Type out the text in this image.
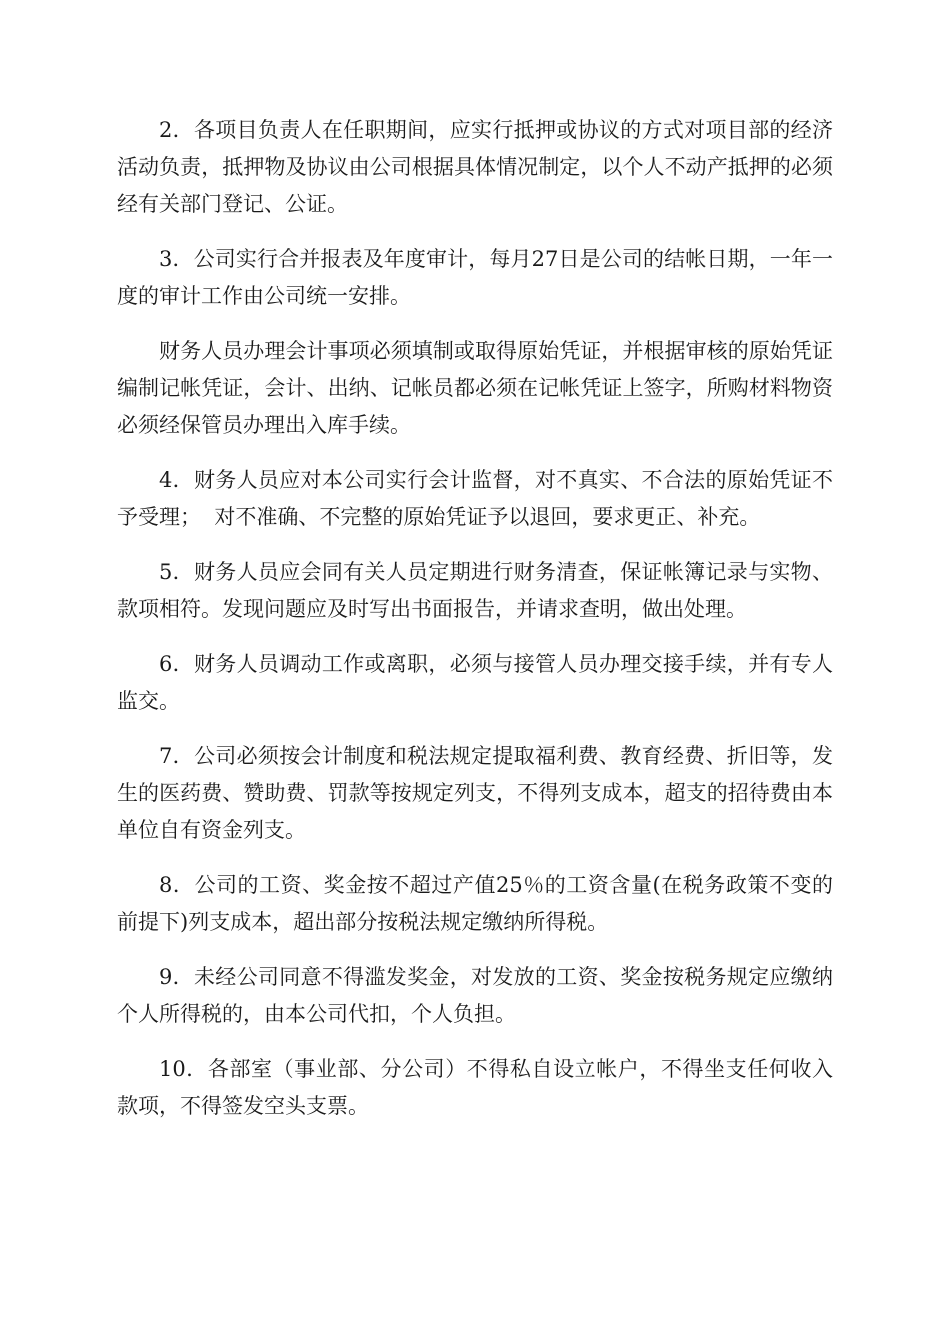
2．各项目负责人在任职期间，应实行抵押或协议的方式对项目部的经济活动负责，抵押物及协议由公司根据具体情况制定，以个人不动产抵押的必须经有关部门登记、公证。

3．公司实行合并报表及年度审计，每月27日是公司的结帐日期，一年一度的审计工作由公司统一安排。

财务人员办理会计事项必须填制或取得原始凭证，并根据审核的原始凭证编制记帐凭证，会计、出纳、记帐员都必须在记帐凭证上签字，所购材料物资必须经保管员办理出入库手续。

4．财务人员应对本公司实行会计监督，对不真实、不合法的原始凭证不予受理；  对不准确、不完整的原始凭证予以退回，要求更正、补充。

5．财务人员应会同有关人员定期进行财务清查，保证帐簿记录与实物、款项相符。发现问题应及时写出书面报告，并请求查明，做出处理。

6．财务人员调动工作或离职，必须与接管人员办理交接手续，并有专人监交。

7．公司必须按会计制度和税法规定提取福利费、教育经费、折旧等，发生的医药费、赞助费、罚款等按规定列支，不得列支成本，超支的招待费由本单位自有资金列支。

8．公司的工资、奖金按不超过产值25％的工资含量(在税务政策不变的前提下)列支成本，超出部分按税法规定缴纳所得税。

9．未经公司同意不得滥发奖金，对发放的工资、奖金按税务规定应缴纳个人所得税的，由本公司代扣，个人负担。

10．各部室（事业部、分公司）不得私自设立帐户，不得坐支任何收入款项，不得签发空头支票。
